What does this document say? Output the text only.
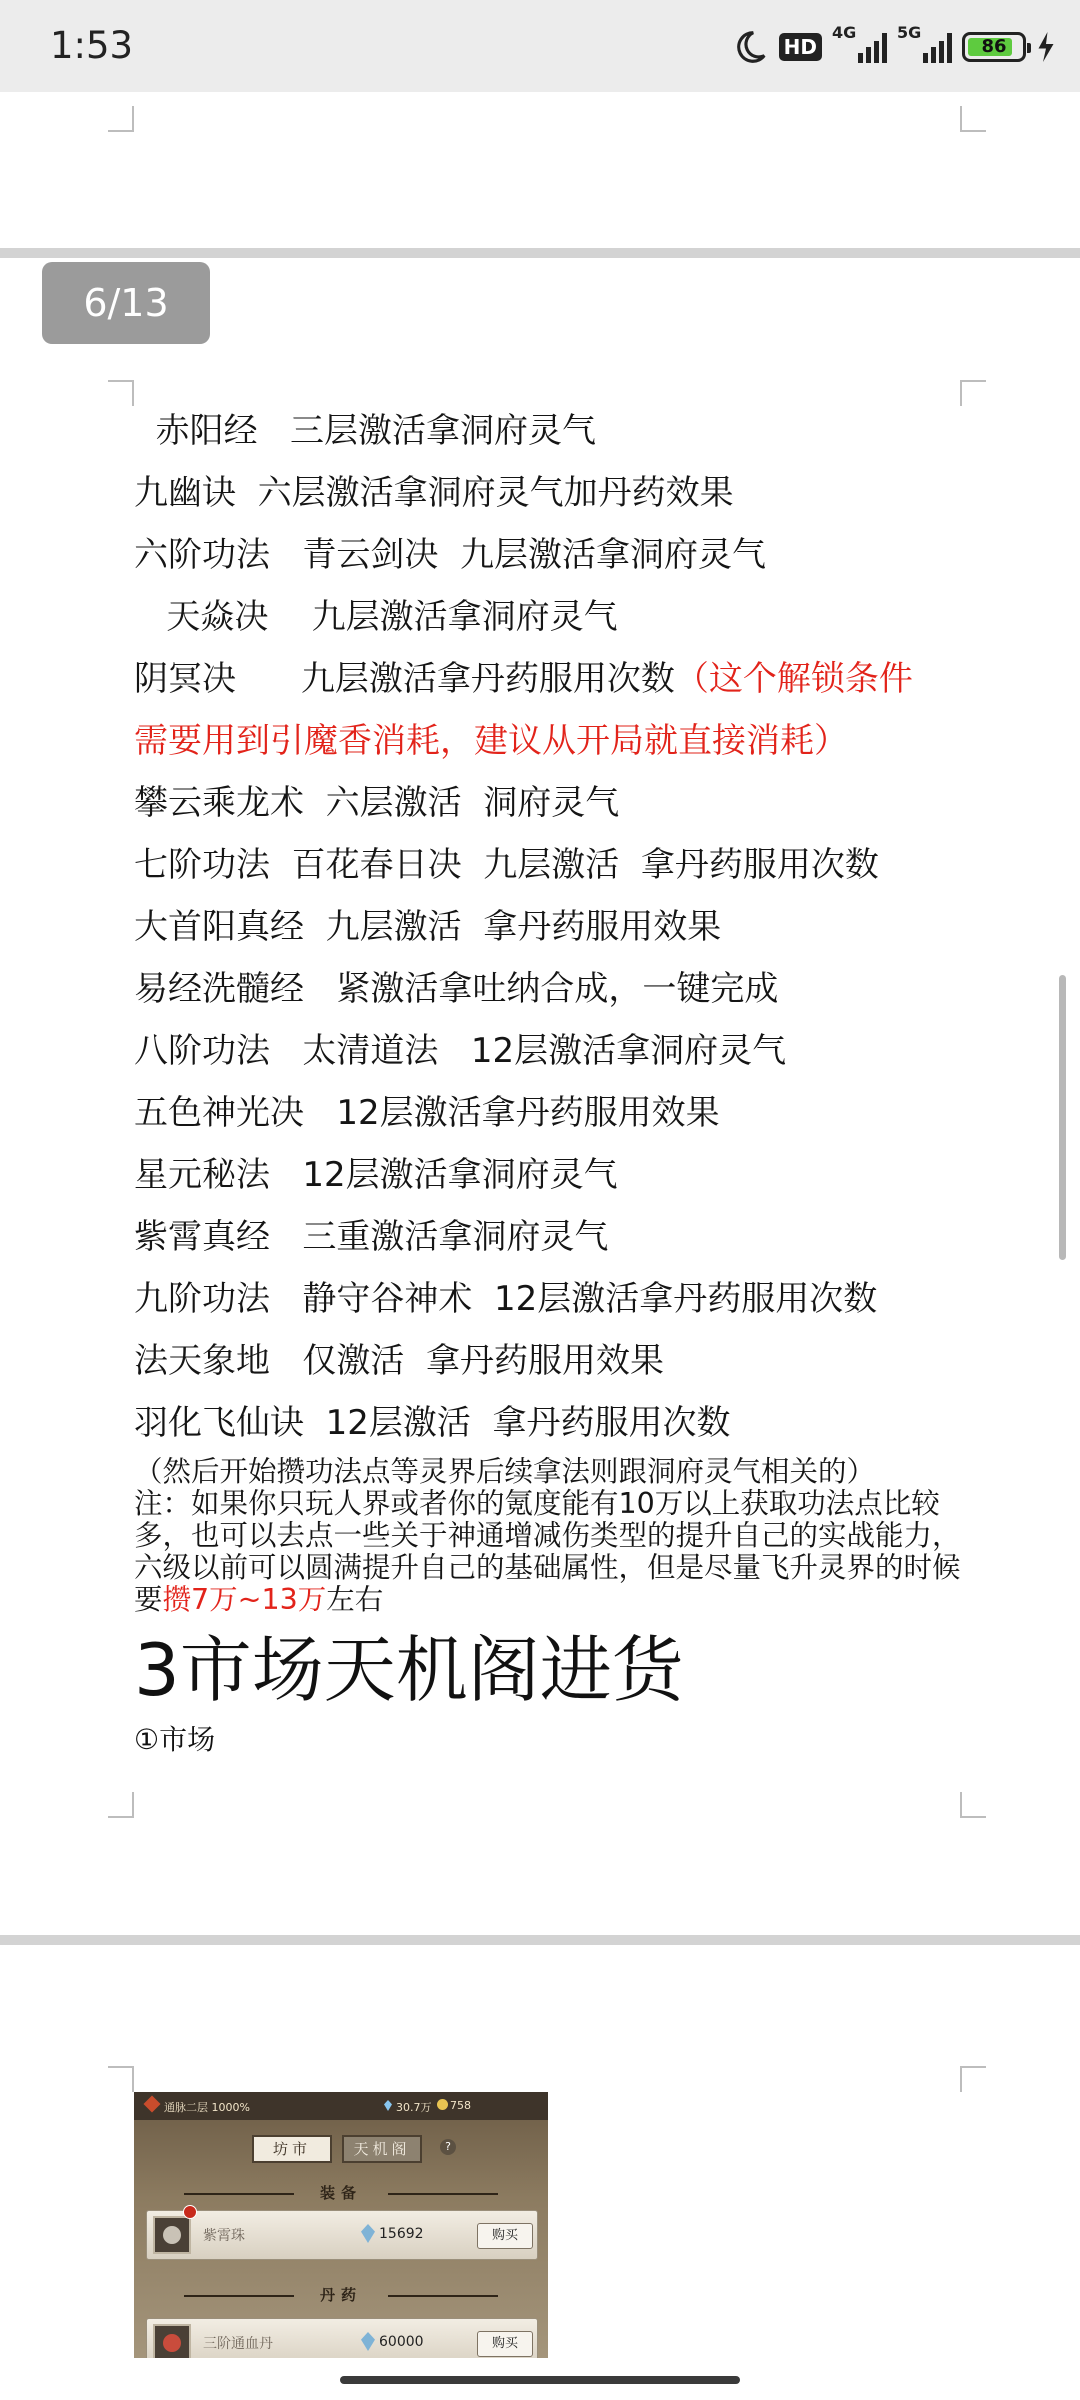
1:53	HD
4G	5G
86
6/13
赤阳经   三层激活拿洞府灵气
九幽诀  六层激活拿洞府灵气加丹药效果
六阶功法   青云剑决  九层激活拿洞府灵气
天焱决    九层激活拿洞府灵气
阴冥决      九层激活拿丹药服用次数（这个解锁条件
需要用到引魔香消耗，建议从开局就直接消耗）
攀云乘龙术  六层激活  洞府灵气
七阶功法  百花春日决  九层激活  拿丹药服用次数
大首阳真经  九层激活  拿丹药服用效果
易经洗髓经   紧激活拿吐纳合成，一键完成
八阶功法   太清道法   12层激活拿洞府灵气
五色神光决   12层激活拿丹药服用效果
星元秘法   12层激活拿洞府灵气
紫霄真经   三重激活拿洞府灵气
九阶功法   静守谷神术  12层激活拿丹药服用次数
法天象地   仅激活  拿丹药服用效果
羽化飞仙诀  12层激活  拿丹药服用次数

（然后开始攒功法点等灵界后续拿法则跟洞府灵气相关的）

注：如果你只玩人界或者你的氪度能有10万以上获取功法点比较多，也可以去点一些关于神通增减伤类型的提升自己的实战能力，六级以前可以圆满提升自己的基础属性，但是尽量飞升灵界的时候要攒7万~13万左右

3市场天机阁进货
①市场
通脉二层 1000%	30.7万 758
坊市	天机阁	?
装备
紫霄珠	15692	购买
丹药
三阶通血丹	60000	购买
